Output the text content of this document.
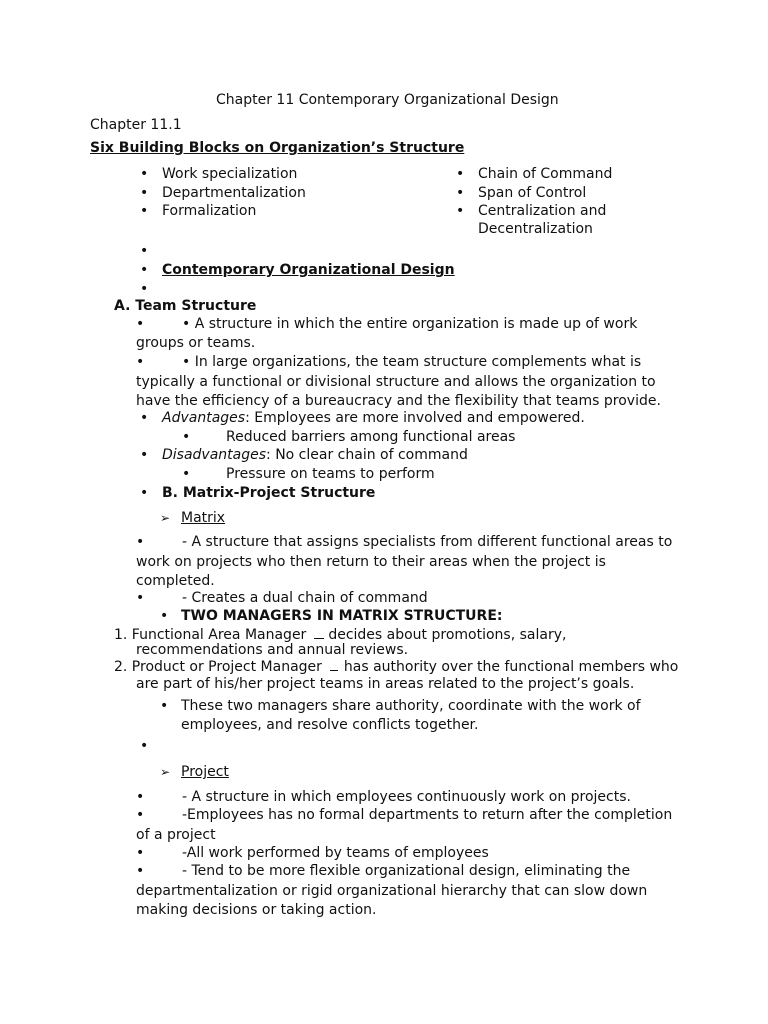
Chapter 11 Contemporary Organizational Design
Chapter 11.1
Six Building Blocks on Organization’s Structure
• Work specialization
• Departmentalization
• Formalization
• Chain of Command
• Span of Control
• Centralization and
Decentralization
•
• Contemporary Organizational Design
•
A. Team Structure
•	• A structure in which the entire organization is made up of work
groups or teams.
•	• In large organizations, the team structure complements what is
typically a functional or divisional structure and allows the organization to
have the efficiency of a bureaucracy and the flexibility that teams provide.
• Advantages: Employees are more involved and empowered.
•	Reduced barriers among functional areas
• Disadvantages: No clear chain of command
•	Pressure on teams to perform
• B. Matrix-Project Structure
➢ Matrix
•	- A structure that assigns specialists from different functional areas to
work on projects who then return to their areas when the project is
completed.
•	- Creates a dual chain of command
• TWO MANAGERS IN MATRIX STRUCTURE:
1. Functional Area Manager decides about promotions, salary,
recommendations and annual reviews.
2. Product or Project Manager has authority over the functional members who
are part of his/her project teams in areas related to the project’s goals.
• These two managers share authority, coordinate with the work of
employees, and resolve conflicts together.
•
➢ Project
•	- A structure in which employees continuously work on projects.
•	-Employees has no formal departments to return after the completion
of a project
•	-All work performed by teams of employees
•	- Tend to be more flexible organizational design, eliminating the
departmentalization or rigid organizational hierarchy that can slow down
making decisions or taking action.
